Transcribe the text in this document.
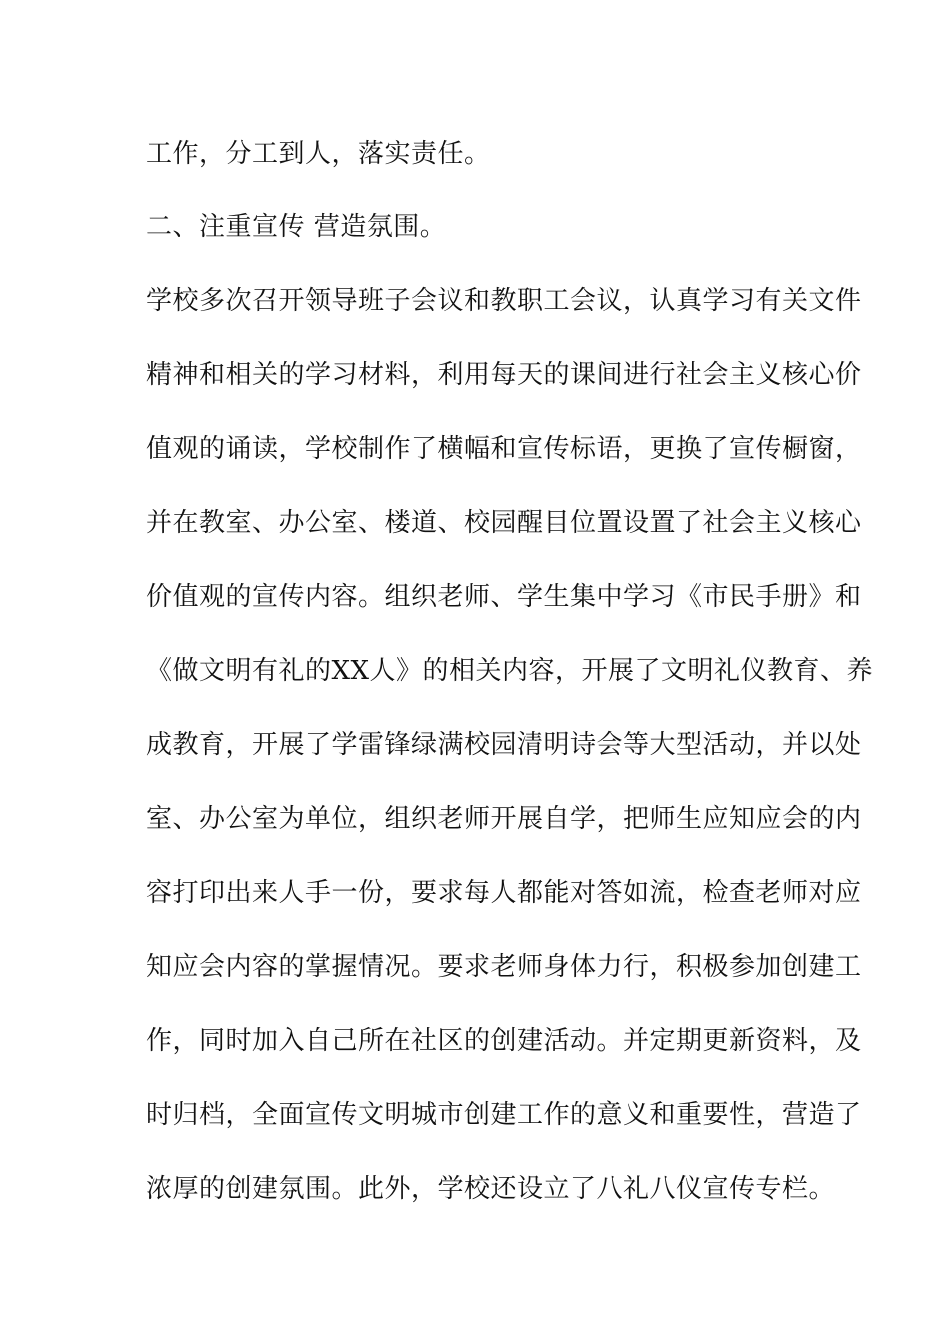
工作，分工到人，落实责任。
二、注重宣传 营造氛围。
学校多次召开领导班子会议和教职工会议，认真学习有关文件
精神和相关的学习材料，利用每天的课间进行社会主义核心价
值观的诵读，学校制作了横幅和宣传标语，更换了宣传橱窗，
并在教室、办公室、楼道、校园醒目位置设置了社会主义核心
价值观的宣传内容。组织老师、学生集中学习《市民手册》和
《做文明有礼的XX人》的相关内容，开展了文明礼仪教育、养
成教育，开展了学雷锋绿满校园清明诗会等大型活动，并以处
室、办公室为单位，组织老师开展自学，把师生应知应会的内
容打印出来人手一份，要求每人都能对答如流，检查老师对应
知应会内容的掌握情况。要求老师身体力行，积极参加创建工
作，同时加入自己所在社区的创建活动。并定期更新资料，及
时归档，全面宣传文明城市创建工作的意义和重要性，营造了
浓厚的创建氛围。此外，学校还设立了八礼八仪宣传专栏。
